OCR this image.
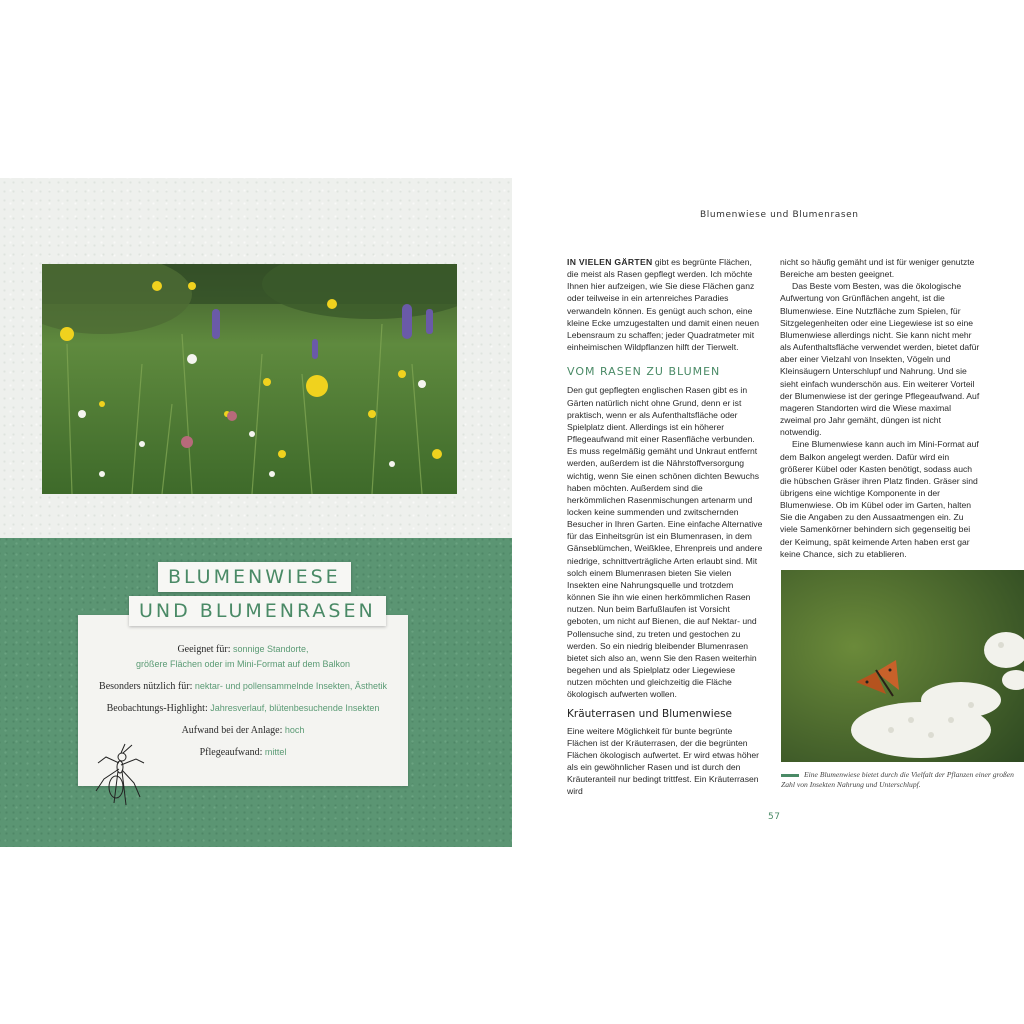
BLUMENWIESE
Geeignet für: sonnige Standorte,
größere Flächen oder im Mini-Format auf dem Balkon
Besonders nützlich für: nektar- und pollensammelnde Insekten, Ästhetik
Beobachtungs-Highlight: Jahresverlauf, blütenbesuchende Insekten
Aufwand bei der Anlage: hoch
Pflegeaufwand: mittel
UND BLUMENRASEN
Blumenwiese und Blumenrasen

IN VIELEN GÄRTEN gibt es begrünte Flächen, die meist als Rasen gepflegt werden. Ich möchte Ihnen hier aufzeigen, wie Sie diese Flächen ganz oder teilweise in ein artenreiches Paradies verwandeln können. Es genügt auch schon, eine kleine Ecke umzugestalten und damit einen neuen Lebensraum zu schaffen; jeder Quadratmeter mit einheimischen Wildpflanzen hilft der Tierwelt.

VOM RASEN ZU BLUMEN

Den gut gepflegten englischen Rasen gibt es in Gärten natürlich nicht ohne Grund, denn er ist praktisch, wenn er als Aufenthaltsfläche oder Spielplatz dient. Allerdings ist ein höherer Pflegeaufwand mit einer Rasenfläche verbunden. Es muss regelmäßig gemäht und Unkraut entfernt werden, außerdem ist die Nährstoffversorgung wichtig, wenn Sie einen schönen dichten Bewuchs haben möchten. Außerdem sind die herkömmlichen Rasenmischungen artenarm und locken keine summenden und zwitschernden Besucher in Ihren Garten. Eine einfache Alternative für das Einheitsgrün ist ein Blumenrasen, in dem Gänseblümchen, Weißklee, Ehrenpreis und andere niedrige, schnittverträgliche Arten erlaubt sind. Mit solch einem Blumenrasen bieten Sie vielen Insekten eine Nahrungsquelle und trotzdem können Sie ihn wie einen herkömmlichen Rasen nutzen. Nun beim Barfußlaufen ist Vorsicht geboten, um nicht auf Bienen, die auf Nektar- und Pollensuche sind, zu treten und gestochen zu werden. So ein niedrig bleibender Blumenrasen bietet sich also an, wenn Sie den Rasen weiterhin begehen und als Spielplatz oder Liegewiese nutzen möchten und gleichzeitig die Fläche ökologisch aufwerten wollen.

Kräuterrasen und Blumenwiese

Eine weitere Möglichkeit für bunte begrünte Flächen ist der Kräuterrasen, der die begrünten Flächen ökologisch aufwertet. Er wird etwas höher als ein gewöhnlicher Rasen und ist durch den Kräuteranteil nur bedingt trittfest. Ein Kräuterrasen wird

nicht so häufig gemäht und ist für weniger genutzte Bereiche am besten geeignet.

Das Beste vom Besten, was die ökologische Aufwertung von Grünflächen angeht, ist die Blumenwiese. Eine Nutzfläche zum Spielen, für Sitzgelegenheiten oder eine Liegewiese ist so eine Blumenwiese allerdings nicht. Sie kann nicht mehr als Aufenthaltsfläche verwendet werden, bietet dafür aber einer Vielzahl von Insekten, Vögeln und Kleinsäugern Unterschlupf und Nahrung. Und sie sieht einfach wunderschön aus. Ein weiterer Vorteil der Blumenwiese ist der geringe Pflegeaufwand. Auf mageren Standorten wird die Wiese maximal zweimal pro Jahr gemäht, düngen ist nicht notwendig.

Eine Blumenwiese kann auch im Mini-Format auf dem Balkon angelegt werden. Dafür wird ein größerer Kübel oder Kasten benötigt, sodass auch die hübschen Gräser ihren Platz finden. Gräser sind übrigens eine wichtige Komponente in der Blumenwiese. Ob im Kübel oder im Garten, halten Sie die Angaben zu den Aussaatmengen ein. Zu viele Samenkörner behindern sich gegenseitig bei der Keimung, spät keimende Arten haben erst gar keine Chance, sich zu etablieren.

Eine Blumenwiese bietet durch die Vielfalt der Pflanzen einer großen Zahl von Insekten Nahrung und Unterschlupf.
57
